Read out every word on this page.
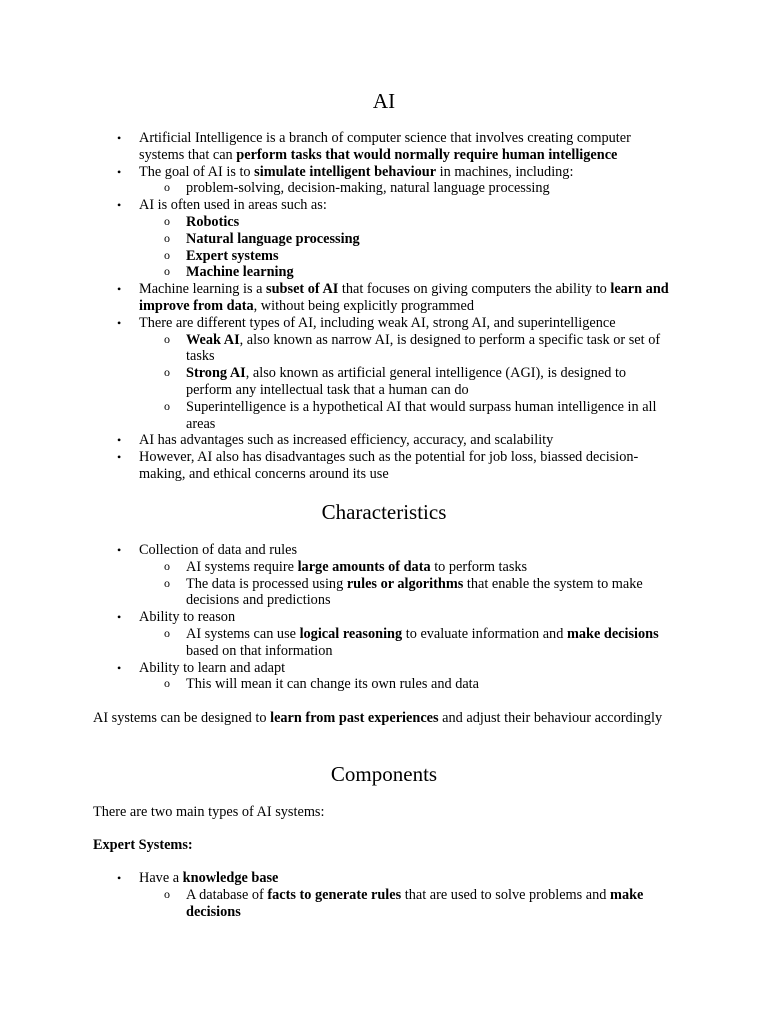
AI
• Artificial Intelligence is a branch of computer science that involves creating computer systems that can perform tasks that would normally require human intelligence
• The goal of AI is to simulate intelligent behaviour in machines, including:
o problem-solving, decision-making, natural language processing
• AI is often used in areas such as:
o Robotics
o Natural language processing
o Expert systems
o Machine learning
• Machine learning is a subset of AI that focuses on giving computers the ability to learn and improve from data, without being explicitly programmed
• There are different types of AI, including weak AI, strong AI, and superintelligence
o Weak AI, also known as narrow AI, is designed to perform a specific task or set of tasks
o Strong AI, also known as artificial general intelligence (AGI), is designed to perform any intellectual task that a human can do
o Superintelligence is a hypothetical AI that would surpass human intelligence in all areas
• AI has advantages such as increased efficiency, accuracy, and scalability
• However, AI also has disadvantages such as the potential for job loss, biassed decision-making, and ethical concerns around its use
Characteristics
• Collection of data and rules
o AI systems require large amounts of data to perform tasks
o The data is processed using rules or algorithms that enable the system to make decisions and predictions
• Ability to reason
o AI systems can use logical reasoning to evaluate information and make decisions based on that information
• Ability to learn and adapt
o This will mean it can change its own rules and data
AI systems can be designed to learn from past experiences and adjust their behaviour accordingly
Components
There are two main types of AI systems:
Expert Systems:
• Have a knowledge base
o A database of facts to generate rules that are used to solve problems and make decisions
